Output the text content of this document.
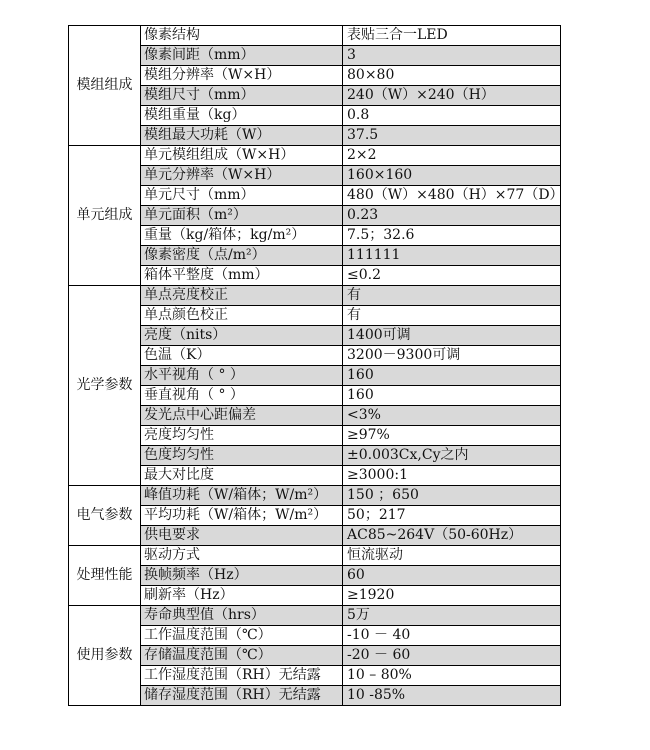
模组组成	像素结构	表贴三合一LED
	像素间距（mm）	3
	模组分辨率（W×H）	80×80
	模组尺寸（mm）	240（W）×240（H）
	模组重量（kg）	0.8
	模组最大功耗（W）	37.5
单元组成	单元模组组成（W×H）	2×2
	单元分辨率（W×H）	160×160
	单元尺寸（mm）	480（W）×480（H）×77（D）
	单元面积（m²）	0.23
	重量（kg/箱体；kg/m²）	7.5；32.6
	像素密度（点/m²）	111111
	箱体平整度（mm）	≤0.2
光学参数	单点亮度校正	有
	单点颜色校正	有
	亮度（nits）	1400可调
	色温（K）	3200－9300可调
	水平视角（ ° ）	160
	垂直视角（ ° ）	160
	发光点中心距偏差	<3%
	亮度均匀性	≥97%
	色度均匀性	±0.003Cx,Cy之内
	最大对比度	≥3000:1
电气参数	峰值功耗（W/箱体；W/m²）	150 ；650
	平均功耗（W/箱体；W/m²）	50；217
	供电要求	AC85~264V（50-60Hz）
处理性能	驱动方式	恒流驱动
	换帧频率（Hz）	60
	刷新率（Hz）	≥1920
使用参数	寿命典型值（hrs）	5万
	工作温度范围（℃）	-10 － 40
	存储温度范围（℃）	-20 － 60
	工作湿度范围（RH）无结露	10 – 80%
	储存湿度范围（RH）无结露	10 -85%
